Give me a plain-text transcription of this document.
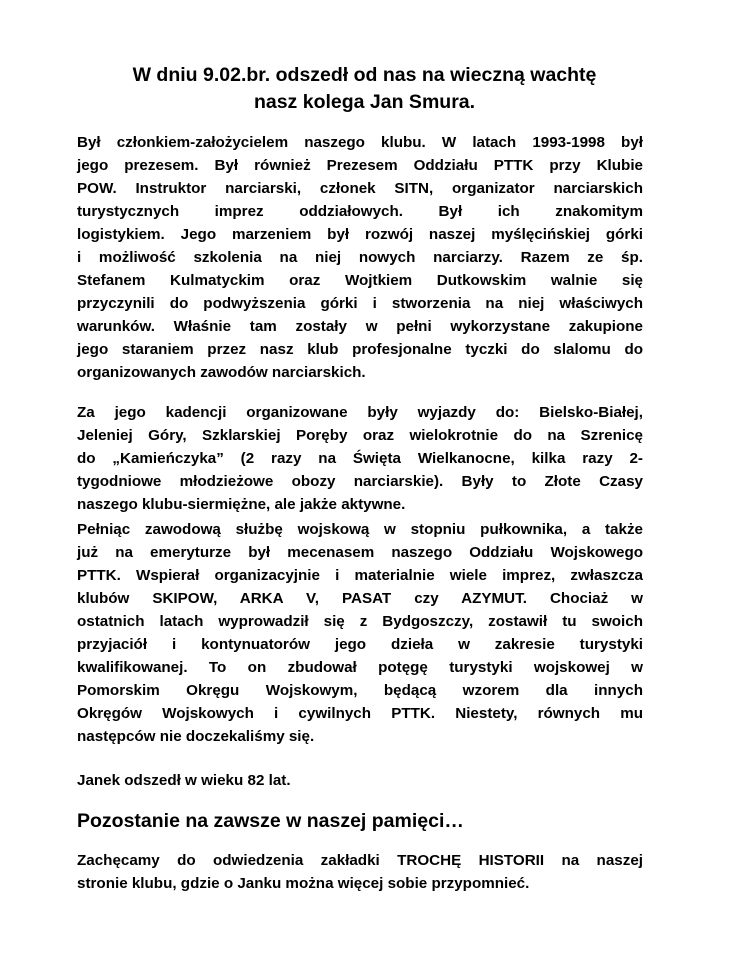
W dniu 9.02.br. odszedł od nas na wieczną wachtę
nasz kolega Jan Smura.
Był członkiem-założycielem naszego klubu. W latach 1993-1998 był
jego prezesem. Był również Prezesem Oddziału PTTK przy Klubie
POW. Instruktor narciarski, członek SITN, organizator narciarskich
turystycznych imprez oddziałowych. Był ich znakomitym
logistykiem. Jego marzeniem był rozwój naszej myślęcińskiej górki
i możliwość szkolenia na niej nowych narciarzy. Razem ze śp.
Stefanem Kulmatyckim oraz Wojtkiem Dutkowskim walnie się
przyczynili do podwyższenia górki i stworzenia na niej właściwych
warunków. Właśnie tam zostały w pełni wykorzystane zakupione
jego staraniem przez nasz klub profesjonalne tyczki do slalomu do
organizowanych zawodów narciarskich.
Za jego kadencji organizowane były wyjazdy do: Bielsko-Białej,
Jeleniej Góry, Szklarskiej Poręby oraz wielokrotnie do na Szrenicę
do „Kamieńczyka” (2 razy na Święta Wielkanocne, kilka razy 2-
tygodniowe młodzieżowe obozy narciarskie). Były to Złote Czasy
naszego klubu-siermiężne, ale jakże aktywne.
Pełniąc zawodową służbę wojskową w stopniu pułkownika, a także
już na emeryturze był mecenasem naszego Oddziału Wojskowego
PTTK. Wspierał organizacyjnie i materialnie wiele imprez, zwłaszcza
klubów SKIPOW, ARKA V, PASAT czy AZYMUT. Chociaż w
ostatnich latach wyprowadził się z Bydgoszczy, zostawił tu swoich
przyjaciół i kontynuatorów jego dzieła w zakresie turystyki
kwalifikowanej. To on zbudował potęgę turystyki wojskowej w
Pomorskim Okręgu Wojskowym, będącą wzorem dla innych
Okręgów Wojskowych i cywilnych PTTK. Niestety, równych mu
następców nie doczekaliśmy się.
Janek odszedł w wieku 82 lat.
Pozostanie na zawsze w naszej pamięci…
Zachęcamy do odwiedzenia zakładki TROCHĘ HISTORII na naszej
stronie klubu, gdzie o Janku można więcej sobie przypomnieć.
